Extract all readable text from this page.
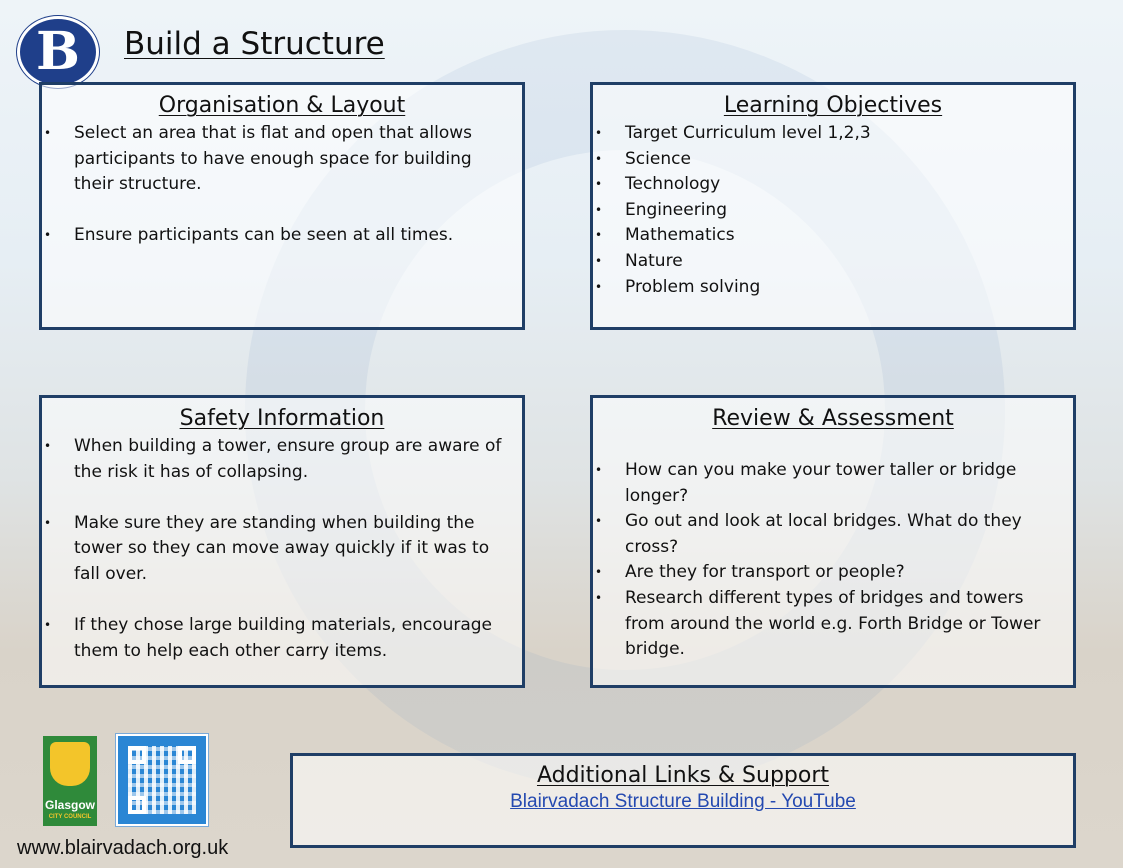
B Build a Structure
Organisation & Layout
• Select an area that is flat and open that allows participants to have enough space for building their structure.
• Ensure participants can be seen at all times.
Learning Objectives
• Target Curriculum level 1,2,3
• Science
• Technology
• Engineering
• Mathematics
• Nature
• Problem solving
Safety Information
• When building a tower, ensure group are aware of the risk it has of collapsing.
• Make sure they are standing when building the tower so they can move away quickly if it was to fall over.
• If they chose large building materials, encourage them to help each other carry items.
Review & Assessment
• How can you make your tower taller or bridge longer?
• Go out and look at local bridges. What do they cross?
• Are they for transport or people?
• Research different types of bridges and towers from around the world e.g. Forth Bridge or Tower bridge.
Additional Links & Support
Blairvadach Structure Building - YouTube
Glasgow
CITY COUNCIL
www.blairvadach.org.uk
